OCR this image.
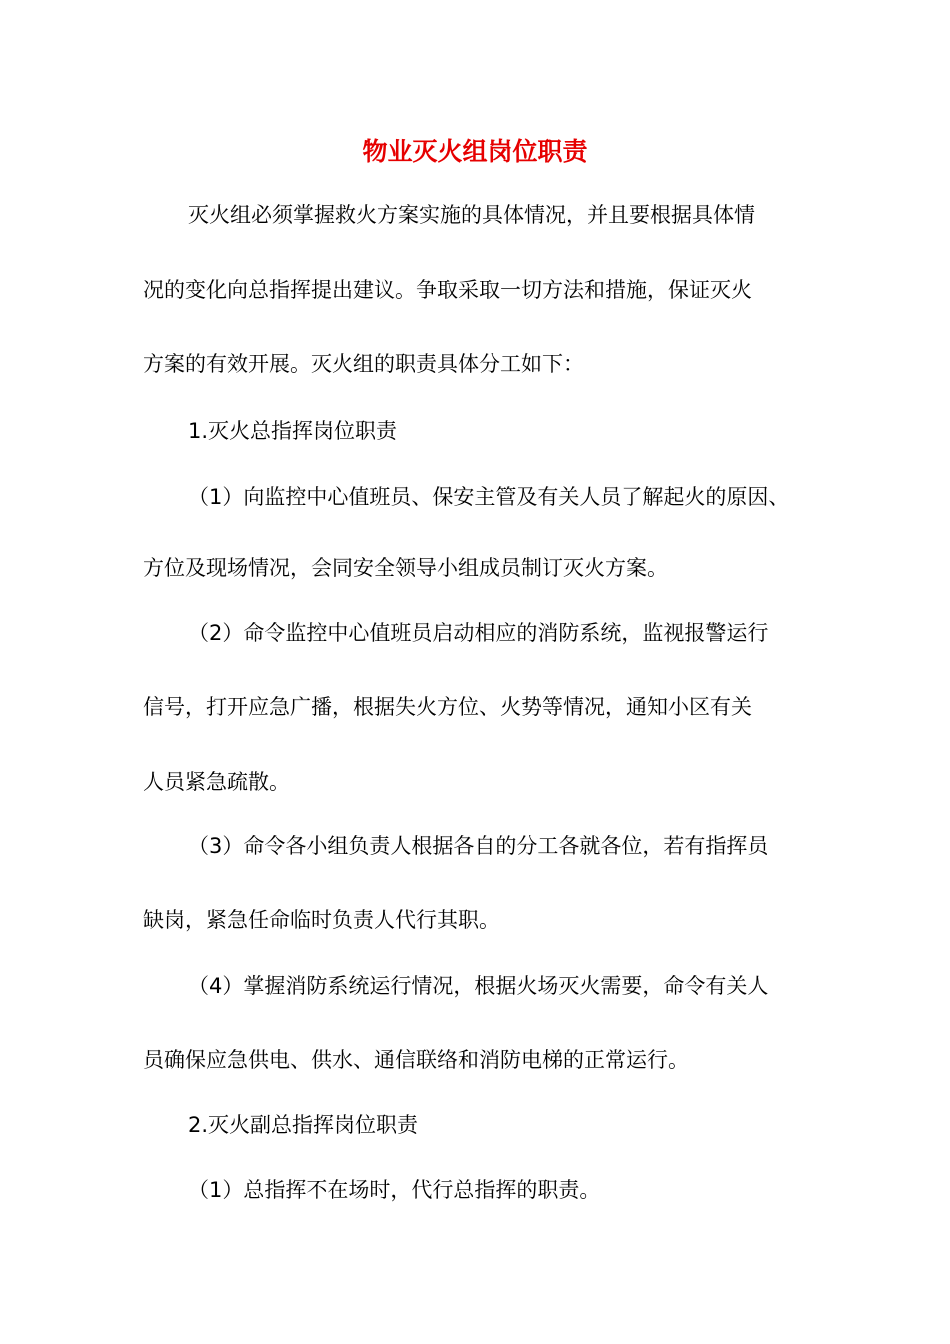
物业灭火组岗位职责

灭火组必须掌握救火方案实施的具体情况，并且要根据具体情

况的变化向总指挥提出建议。争取采取一切方法和措施，保证灭火

方案的有效开展。灭火组的职责具体分工如下：

1.灭火总指挥岗位职责

（1）向监控中心值班员、保安主管及有关人员了解起火的原因、

方位及现场情况，会同安全领导小组成员制订灭火方案。

（2）命令监控中心值班员启动相应的消防系统，监视报警运行

信号，打开应急广播，根据失火方位、火势等情况，通知小区有关

人员紧急疏散。

（3）命令各小组负责人根据各自的分工各就各位，若有指挥员

缺岗，紧急任命临时负责人代行其职。

（4）掌握消防系统运行情况，根据火场灭火需要，命令有关人

员确保应急供电、供水、通信联络和消防电梯的正常运行。

2.灭火副总指挥岗位职责

（1）总指挥不在场时，代行总指挥的职责。
